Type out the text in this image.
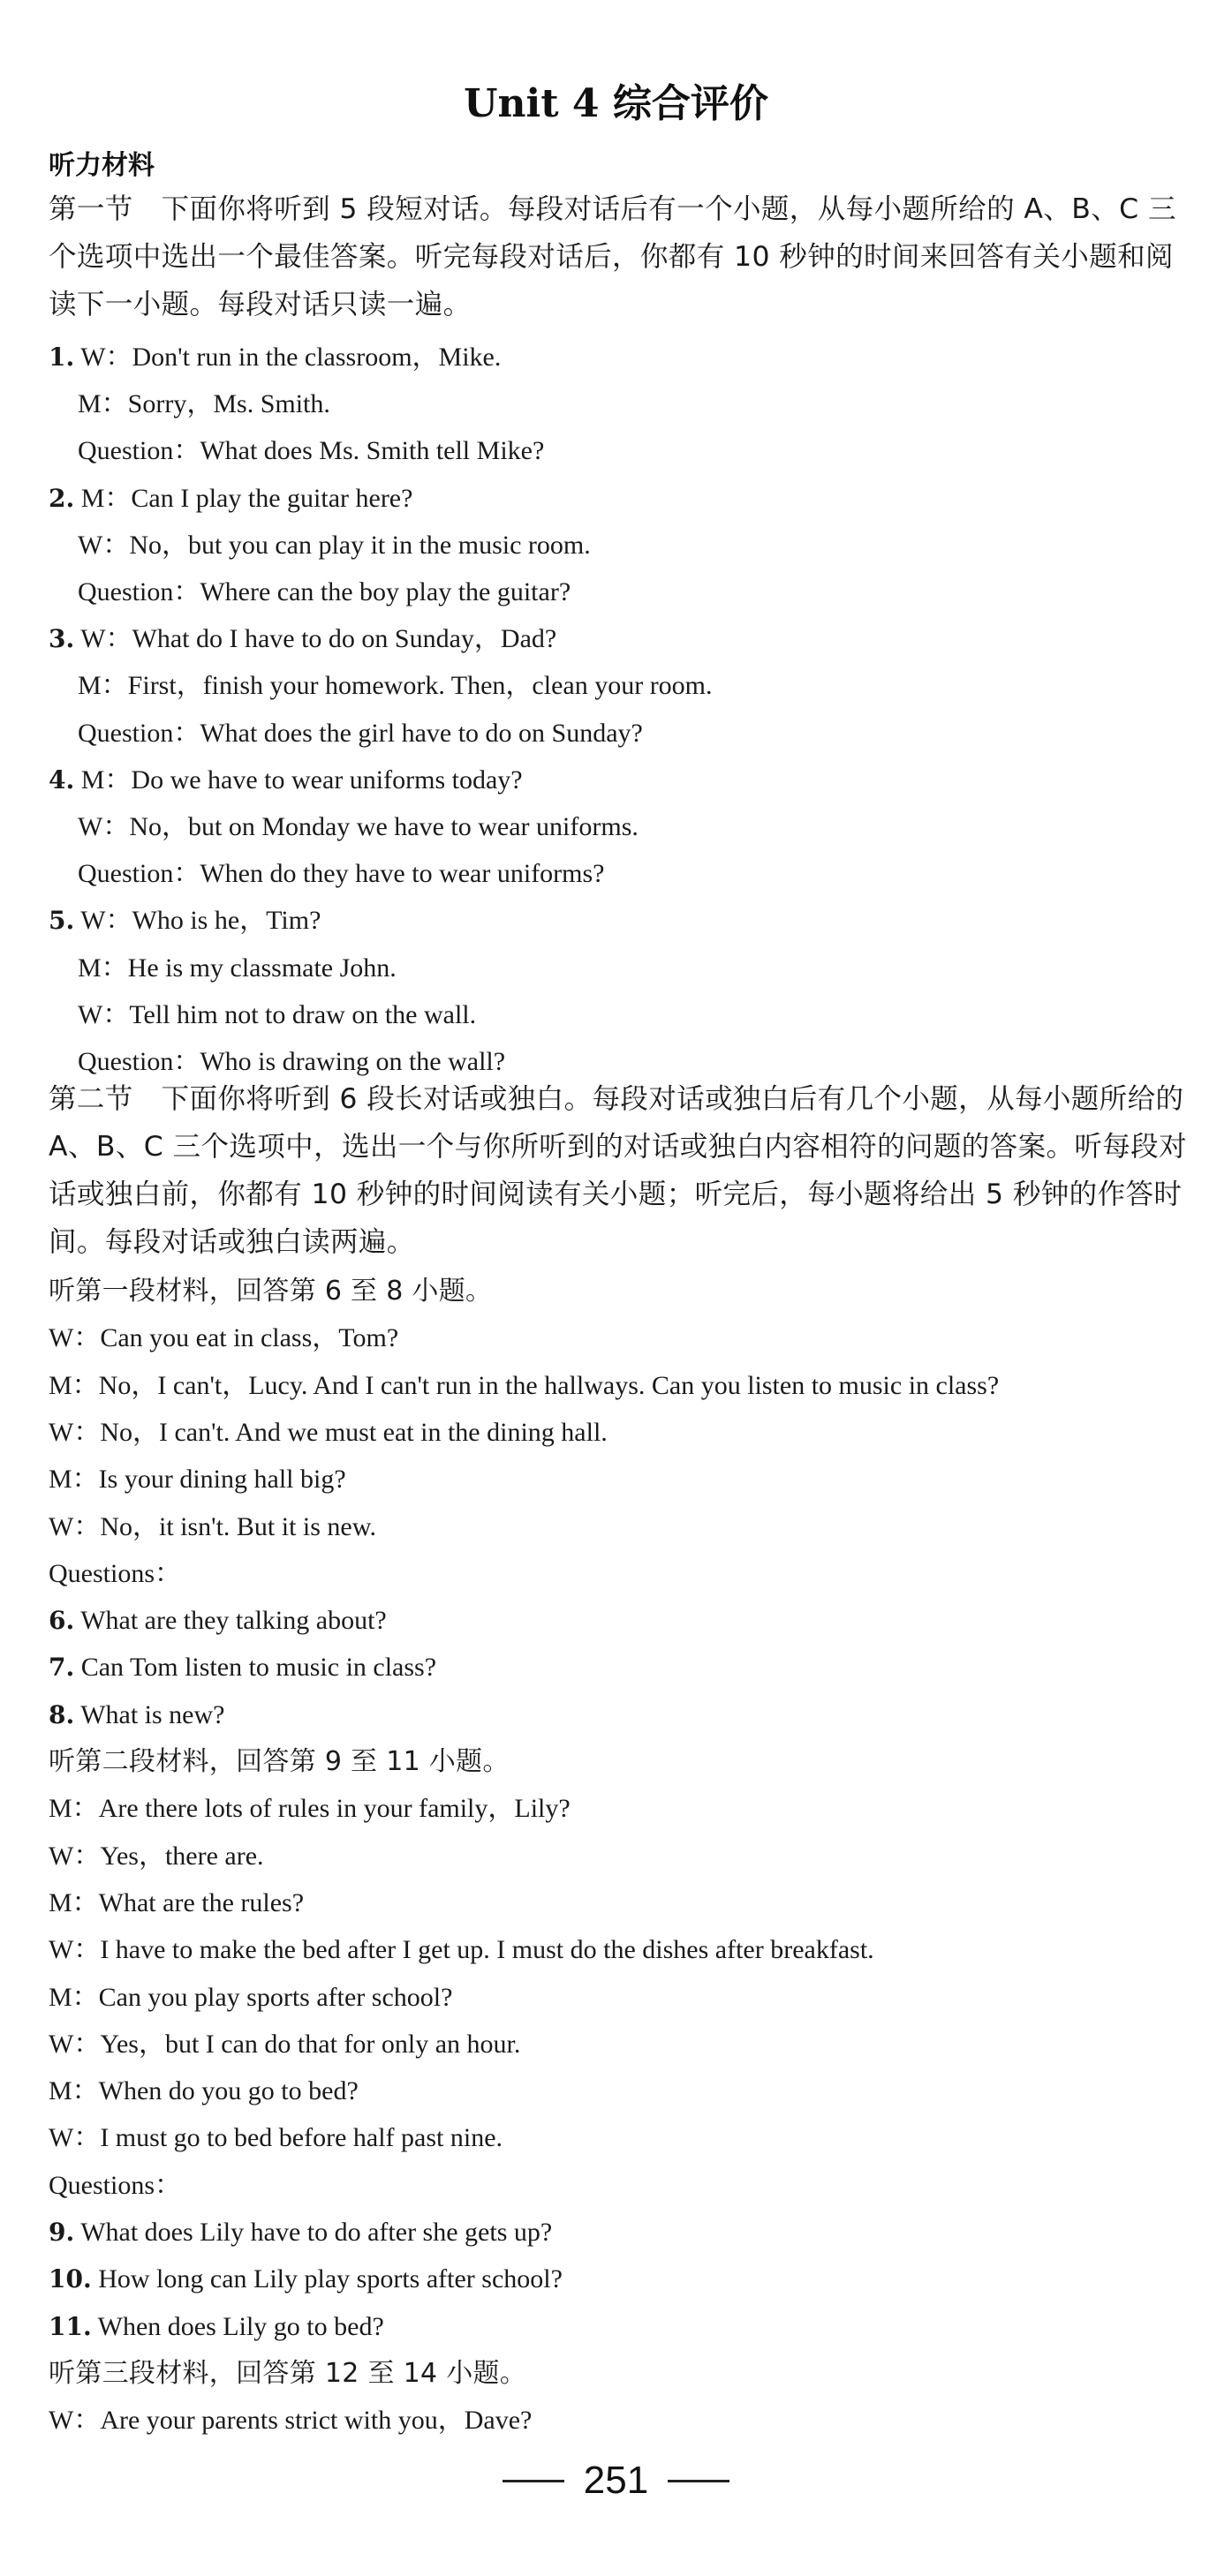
Unit 4 综合评价
听力材料
第一节　下面你将听到 5 段短对话。每段对话后有一个小题，从每小题所给的 A、B、C 三个选项中选出一个最佳答案。听完每段对话后，你都有 10 秒钟的时间来回答有关小题和阅读下一小题。每段对话只读一遍。
1. W：Don't run in the classroom，Mike.
M：Sorry，Ms. Smith.
Question：What does Ms. Smith tell Mike?
2. M：Can I play the guitar here?
W：No，but you can play it in the music room.
Question：Where can the boy play the guitar?
3. W：What do I have to do on Sunday，Dad?
M：First，finish your homework. Then，clean your room.
Question：What does the girl have to do on Sunday?
4. M：Do we have to wear uniforms today?
W：No，but on Monday we have to wear uniforms.
Question：When do they have to wear uniforms?
5. W：Who is he，Tim?
M：He is my classmate John.
W：Tell him not to draw on the wall.
Question：Who is drawing on the wall?
第二节　下面你将听到 6 段长对话或独白。每段对话或独白后有几个小题，从每小题所给的 A、B、C 三个选项中，选出一个与你所听到的对话或独白内容相符的问题的答案。听每段对话或独白前，你都有 10 秒钟的时间阅读有关小题；听完后，每小题将给出 5 秒钟的作答时间。每段对话或独白读两遍。
听第一段材料，回答第 6 至 8 小题。
W：Can you eat in class，Tom?
M：No，I can't，Lucy. And I can't run in the hallways. Can you listen to music in class?
W：No，I can't. And we must eat in the dining hall.
M：Is your dining hall big?
W：No，it isn't. But it is new.
Questions：
6. What are they talking about?
7. Can Tom listen to music in class?
8. What is new?
听第二段材料，回答第 9 至 11 小题。
M：Are there lots of rules in your family，Lily?
W：Yes，there are.
M：What are the rules?
W：I have to make the bed after I get up. I must do the dishes after breakfast.
M：Can you play sports after school?
W：Yes，but I can do that for only an hour.
M：When do you go to bed?
W：I must go to bed before half past nine.
Questions：
9. What does Lily have to do after she gets up?
10. How long can Lily play sports after school?
11. When does Lily go to bed?
听第三段材料，回答第 12 至 14 小题。
W：Are your parents strict with you，Dave?
251
